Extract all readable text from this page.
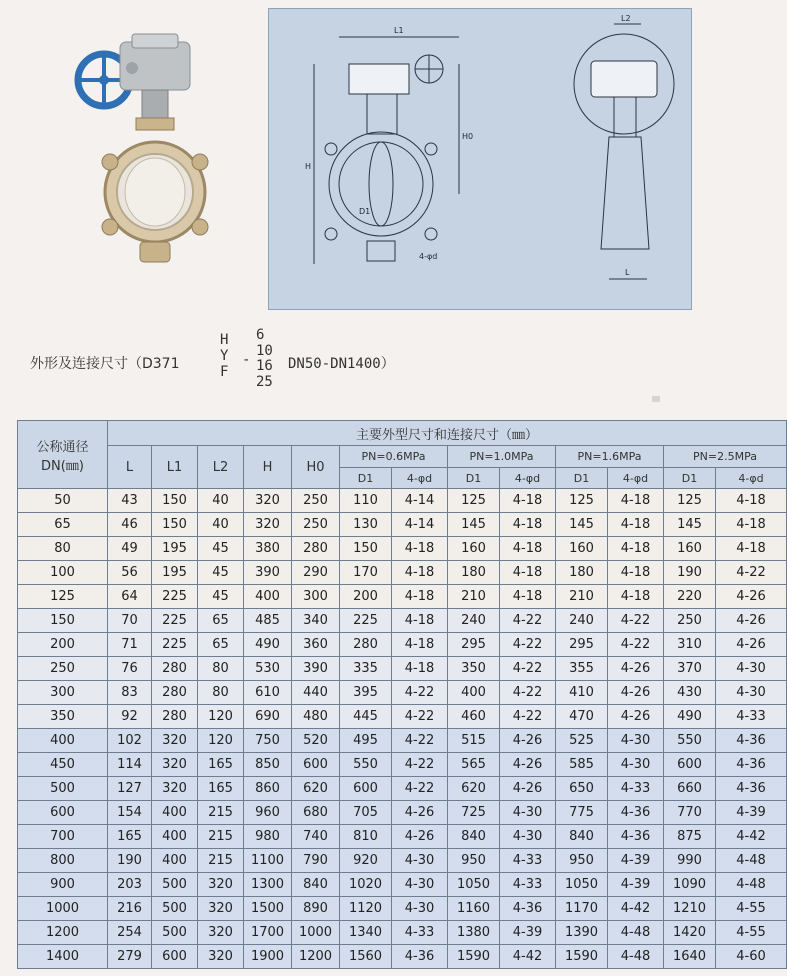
L1
H
H0
D1
4-φd
L2
L
外形及连接尺寸（D371
H
Y
F
-
6
10
16
25
DN50-DN1400）
公称通径
DN(㎜)	主要外型尺寸和连接尺寸（㎜）												
	L	L1	L2	H	H0	PN=0.6MPa		PN=1.0MPa		PN=1.6MPa		PN=2.5MPa	
						D1	4-φd	D1	4-φd	D1	4-φd	D1	4-φd
50	43	150	40	320	250	110	4-14	125	4-18	125	4-18	125	4-18
65	46	150	40	320	250	130	4-14	145	4-18	145	4-18	145	4-18
80	49	195	45	380	280	150	4-18	160	4-18	160	4-18	160	4-18
100	56	195	45	390	290	170	4-18	180	4-18	180	4-18	190	4-22
125	64	225	45	400	300	200	4-18	210	4-18	210	4-18	220	4-26
150	70	225	65	485	340	225	4-18	240	4-22	240	4-22	250	4-26
200	71	225	65	490	360	280	4-18	295	4-22	295	4-22	310	4-26
250	76	280	80	530	390	335	4-18	350	4-22	355	4-26	370	4-30
300	83	280	80	610	440	395	4-22	400	4-22	410	4-26	430	4-30
350	92	280	120	690	480	445	4-22	460	4-22	470	4-26	490	4-33
400	102	320	120	750	520	495	4-22	515	4-26	525	4-30	550	4-36
450	114	320	165	850	600	550	4-22	565	4-26	585	4-30	600	4-36
500	127	320	165	860	620	600	4-22	620	4-26	650	4-33	660	4-36
600	154	400	215	960	680	705	4-26	725	4-30	775	4-36	770	4-39
700	165	400	215	980	740	810	4-26	840	4-30	840	4-36	875	4-42
800	190	400	215	1100	790	920	4-30	950	4-33	950	4-39	990	4-48
900	203	500	320	1300	840	1020	4-30	1050	4-33	1050	4-39	1090	4-48
1000	216	500	320	1500	890	1120	4-30	1160	4-36	1170	4-42	1210	4-55
1200	254	500	320	1700	1000	1340	4-33	1380	4-39	1390	4-48	1420	4-55
1400	279	600	320	1900	1200	1560	4-36	1590	4-42	1590	4-48	1640	4-60
